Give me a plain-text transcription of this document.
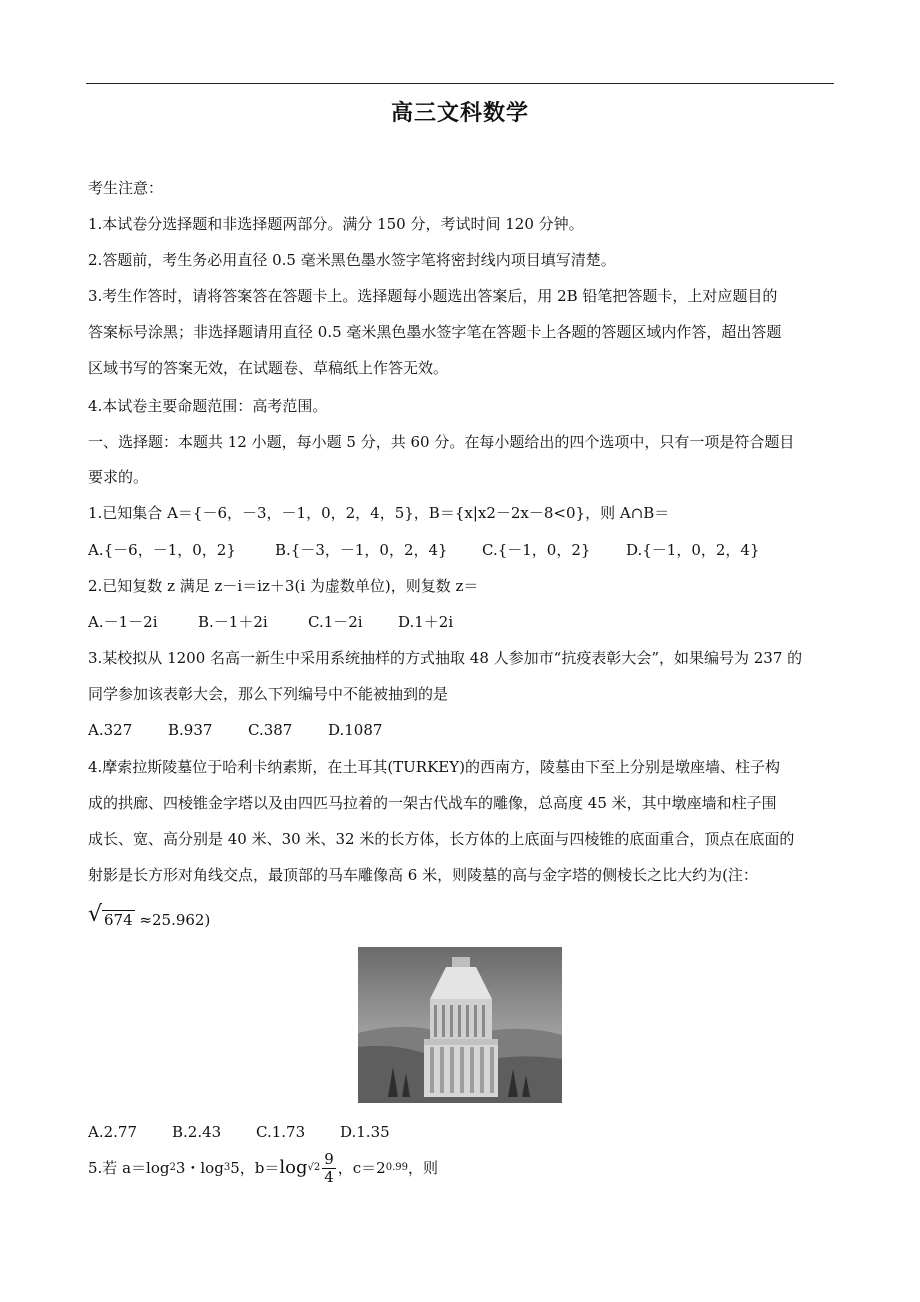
高三文科数学
考生注意：
1.本试卷分选择题和非选择题两部分。满分 150 分，考试时间 120 分钟。
2.答题前，考生务必用直径 0.5 毫米黑色墨水签字笔将密封线内项目填写清楚。
3.考生作答时，请将答案答在答题卡上。选择题每小题选出答案后，用 2B 铅笔把答题卡，上对应题目的
答案标号涂黑；非选择题请用直径 0.5 毫米黑色墨水签字笔在答题卡上各题的答题区域内作答，超出答题
区域书写的答案无效，在试题卷、草稿纸上作答无效。
4.本试卷主要命题范围：高考范围。
一、选择题：本题共 12 小题，每小题 5 分，共 60 分。在每小题给出的四个选项中，只有一项是符合题目
要求的。
1.已知集合 A＝{－6，－3，－1，0，2，4，5}，B＝{x|x2－2x－8<0}，则 A∩B＝
A.{－6，－1，0，2}	B.{－3，－1，0，2，4} C.{－1，0，2} D.{－1，0，2，4}
2.已知复数 z 满足 z－i＝iz＋3(i 为虚数单位)，则复数 z＝
A.－1－2i	B.－1＋2i	C.1－2i D.1＋2i
3.某校拟从 1200 名高一新生中采用系统抽样的方式抽取 48 人参加市“抗疫表彰大会”，如果编号为 237 的
同学参加该表彰大会，那么下列编号中不能被抽到的是
A.327 B.937 C.387 D.1087
4.摩索拉斯陵墓位于哈利卡纳素斯，在土耳其(TURKEY)的西南方，陵墓由下至上分别是墩座墙、柱子构
成的拱廊、四棱锥金字塔以及由四匹马拉着的一架古代战车的雕像，总高度 45 米，其中墩座墙和柱子围
成长、宽、高分别是 40 米、30 米、32 米的长方体，长方体的上底面与四棱锥的底面重合，顶点在底面的
射影是长方形对角线交点，最顶部的马车雕像高 6 米，则陵墓的高与金字塔的侧棱长之比大约为(注：
√ 674 ≈25.962)
A.2.77 B.2.43 C.1.73 D.1.35
5.若 a＝log 2 3・log 3 5，$b= \log √2 \frac{9}{4}$ ，c＝2 0.99 ，则
